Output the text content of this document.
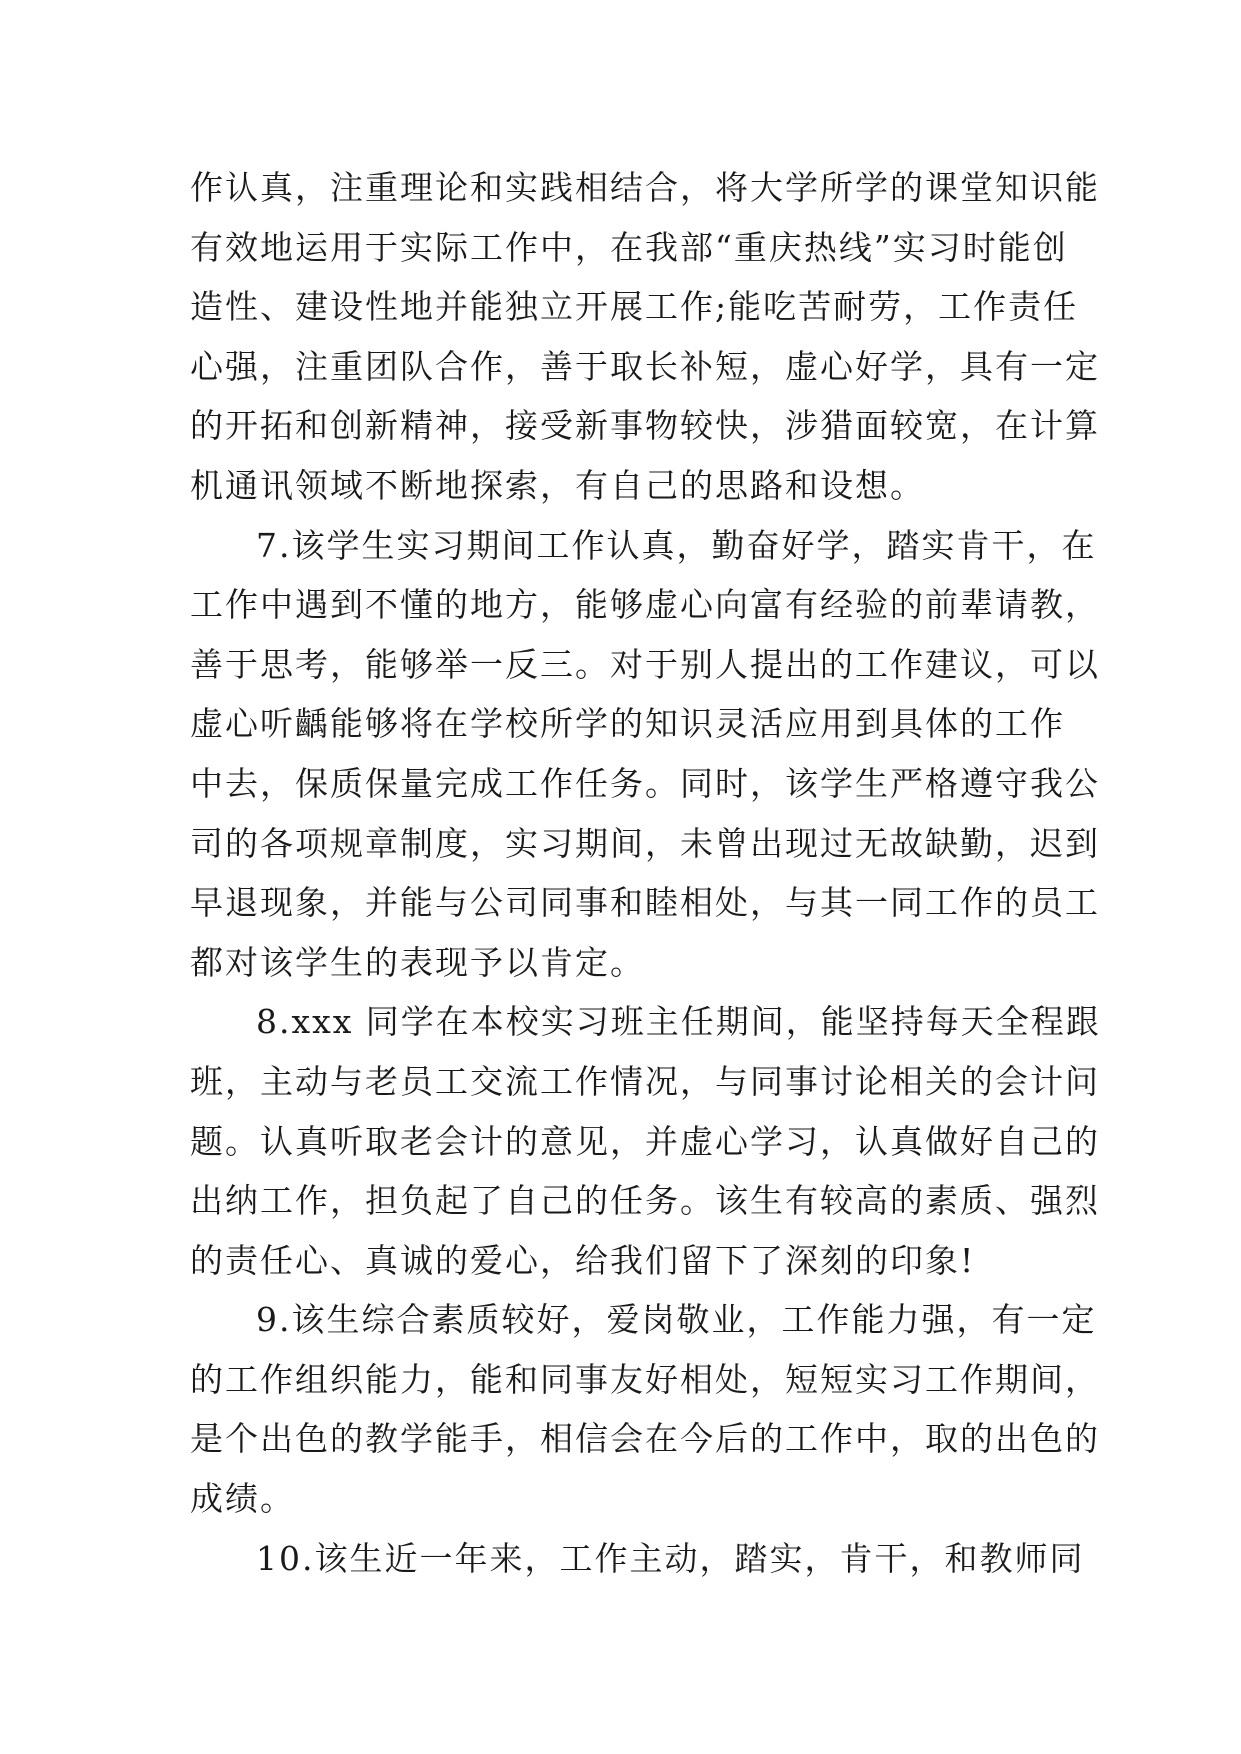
作认真，注重理论和实践相结合，将大学所学的课堂知识能
有效地运用于实际工作中，在我部“重庆热线”实习时能创
造性、建设性地并能独立开展工作;能吃苦耐劳，工作责任
心强，注重团队合作，善于取长补短，虚心好学，具有一定
的开拓和创新精神，接受新事物较快，涉猎面较宽，在计算
机通讯领域不断地探索，有自己的思路和设想。
7.该学生实习期间工作认真，勤奋好学，踏实肯干，在
工作中遇到不懂的地方，能够虚心向富有经验的前辈请教，
善于思考，能够举一反三。对于别人提出的工作建议，可以
虚心听齲能够将在学校所学的知识灵活应用到具体的工作
中去，保质保量完成工作任务。同时，该学生严格遵守我公
司的各项规章制度，实习期间，未曾出现过无故缺勤，迟到
早退现象，并能与公司同事和睦相处，与其一同工作的员工
都对该学生的表现予以肯定。
8.xxx 同学在本校实习班主任期间，能坚持每天全程跟
班，主动与老员工交流工作情况，与同事讨论相关的会计问
题。认真听取老会计的意见，并虚心学习，认真做好自己的
出纳工作，担负起了自己的任务。该生有较高的素质、强烈
的责任心、真诚的爱心，给我们留下了深刻的印象!
9.该生综合素质较好，爱岗敬业，工作能力强，有一定
的工作组织能力，能和同事友好相处，短短实习工作期间，
是个出色的教学能手，相信会在今后的工作中，取的出色的
成绩。
10.该生近一年来，工作主动，踏实，肯干，和教师同
